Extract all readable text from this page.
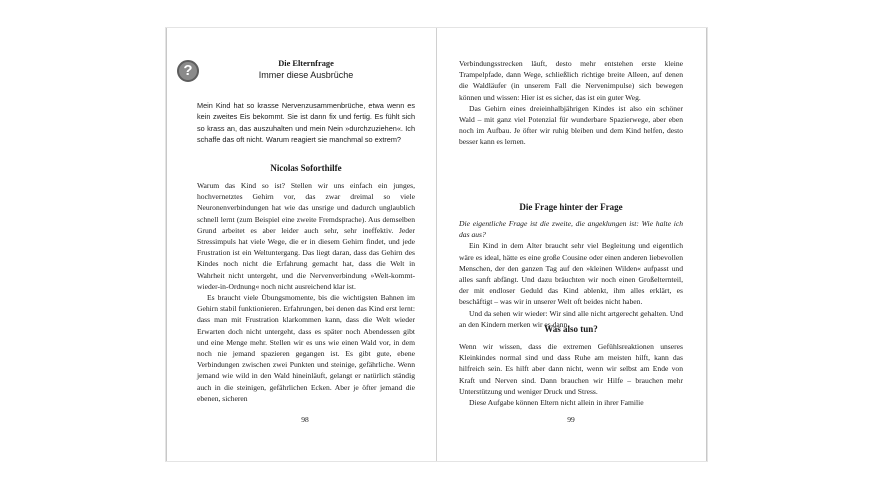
?	Die Elternfrage
Immer diese Ausbrüche
Mein Kind hat so krasse Nervenzusammenbrüche, etwa wenn es kein zweites Eis bekommt. Sie ist dann fix und fertig. Es fühlt sich so krass an, das auszuhalten und mein Nein »durchzuziehen«. Ich schaffe das oft nicht. Warum reagiert sie manchmal so extrem?
Nicolas Soforthilfe

Warum das Kind so ist? Stellen wir uns einfach ein junges, hochvernetztes Gehirn vor, das zwar dreimal so viele Neuronenverbindungen hat wie das unsrige und dadurch unglaublich schnell lernt (zum Beispiel eine zweite Fremdsprache). Aus demselben Grund arbeitet es aber leider auch sehr, sehr ineffektiv. Jeder Stressimpuls hat viele Wege, die er in diesem Gehirn findet, und jede Frustration ist ein Weltuntergang. Das liegt daran, dass das Gehirn des Kindes noch nicht die Erfahrung gemacht hat, dass die Welt in Wahrheit nicht untergeht, und die Nervenverbindung »Welt-kommt-wieder-in-Ordnung« noch nicht ausreichend klar ist.

Es braucht viele Übungsmomente, bis die wichtigsten Bahnen im Gehirn stabil funktionieren. Erfahrungen, bei denen das Kind erst lernt: dass man mit Frustration klarkommen kann, dass die Welt wieder Erwarten doch nicht untergeht, dass es später noch Abendessen gibt und eine Menge mehr. Stellen wir es uns wie einen Wald vor, in dem noch nie jemand spazieren gegangen ist. Es gibt gute, ebene Verbindungen zwischen zwei Punkten und steinige, gefährliche. Wenn jemand wie wild in den Wald hineinläuft, gelangt er natürlich ständig auch in die steinigen, gefährlichen Ecken. Aber je öfter jemand die ebenen, sicheren

98

Verbindungsstrecken läuft, desto mehr entstehen erste kleine Trampelpfade, dann Wege, schließlich richtige breite Alleen, auf denen die Waldläufer (in unserem Fall die Nervenimpulse) sich bewegen können und wissen: Hier ist es sicher, das ist ein guter Weg.

Das Gehirn eines dreieinhalbjährigen Kindes ist also ein schöner Wald – mit ganz viel Potenzial für wunderbare Spazierwege, aber eben noch im Aufbau. Je öfter wir ruhig bleiben und dem Kind helfen, desto besser kann es lernen.

Die Frage hinter der Frage

Die eigentliche Frage ist die zweite, die angeklungen ist: Wie halte ich das aus?

Ein Kind in dem Alter braucht sehr viel Begleitung und eigentlich wäre es ideal, hätte es eine große Cousine oder einen anderen liebevollen Menschen, der den ganzen Tag auf den »kleinen Wilden« aufpasst und alles sanft abfängt. Und dazu bräuchten wir noch einen Großelternteil, der mit endloser Geduld das Kind ablenkt, ihm alles erklärt, es beschäftigt – was wir in unserer Welt oft beides nicht haben.

Und da sehen wir wieder: Wir sind alle nicht artgerecht gehalten. Und an den Kindern merken wir es dann.

Was also tun?

Wenn wir wissen, dass die extremen Gefühlsreaktionen unseres Kleinkindes normal sind und dass Ruhe am meisten hilft, kann das hilfreich sein. Es hilft aber dann nicht, wenn wir selbst am Ende von Kraft und Nerven sind. Dann brauchen wir Hilfe – brauchen mehr Unterstützung und weniger Druck und Stress.

Diese Aufgabe können Eltern nicht allein in ihrer Familie

99
